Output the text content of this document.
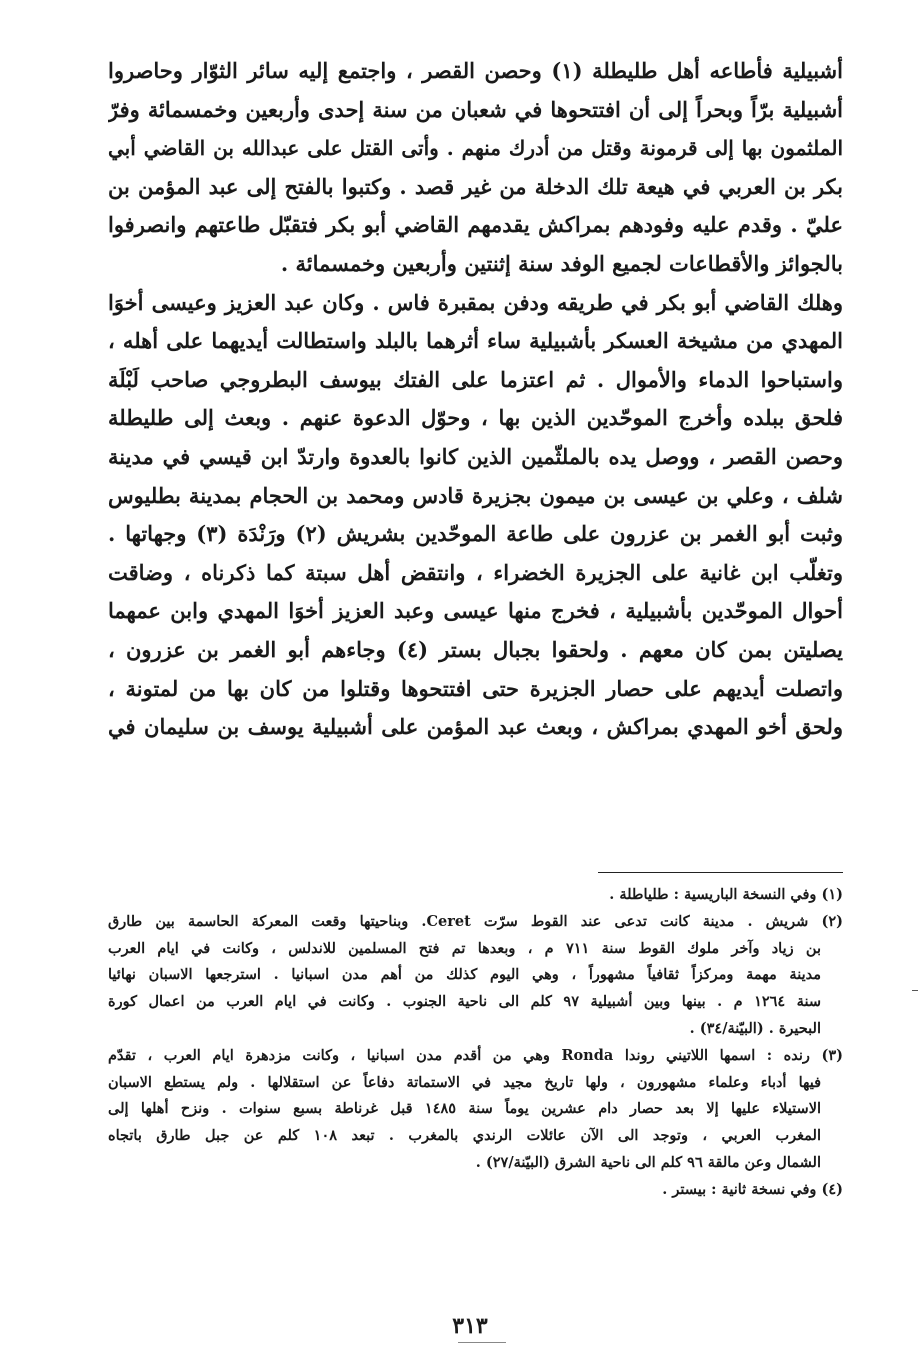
أشبيلية فأطاعه أهل طليطلة (١) وحصن القصر ، واجتمع إليه سائر الثوّار وحاصروا
أشبيلية برّاً وبحراً إلى أن افتتحوها في شعبان من سنة إحدى وأربعين وخمسمائة وفرّ
الملثمون بها إلى قرمونة وقتل من أدرك منهم . وأتى القتل على عبدالله بن القاضي أبي
بكر بن العربي في هيعة تلك الدخلة من غير قصد . وكتبوا بالفتح إلى عبد المؤمن بن
عليّ . وقدم عليه وفودهم بمراكش يقدمهم القاضي أبو بكر فتقبّل طاعتهم وانصرفوا
بالجوائز والأقطاعات لجميع الوفد سنة إثنتين وأربعين وخمسمائة .
وهلك القاضي أبو بكر في طريقه ودفن بمقبرة فاس . وكان عبد العزيز وعيسى أخوَا
المهدي من مشيخة العسكر بأشبيلية ساء أثرهما بالبلد واستطالت أيديهما على أهله ،
واستباحوا الدماء والأموال . ثم اعتزما على الفتك بيوسف البطروجي صاحب لَبْلَة
فلحق ببلده وأخرج الموحّدين الذين بها ، وحوّل الدعوة عنهم . وبعث إلى طليطلة
وحصن القصر ، ووصل يده بالملثّمين الذين كانوا بالعدوة وارتدّ ابن قيسي في مدينة
شلف ، وعلي بن عيسى بن ميمون بجزيرة قادس ومحمد بن الحجام بمدينة بطليوس
وثبت أبو الغمر بن عزرون على طاعة الموحّدين بشريش (٢) ورَنْدَة (٣) وجهاتها .
وتغلّب ابن غانية على الجزيرة الخضراء ، وانتقض أهل سبتة كما ذكرناه ، وضاقت
أحوال الموحّدين بأشبيلية ، فخرج منها عيسى وعبد العزيز أخوَا المهدي وابن عمهما
يصليتن بمن كان معهم . ولحقوا بجبال بستر (٤) وجاءهم أبو الغمر بن عزرون ،
واتصلت أيديهم على حصار الجزيرة حتى افتتحوها وقتلوا من كان بها من لمتونة ،
ولحق أخو المهدي بمراكش ، وبعث عبد المؤمن على أشبيلية يوسف بن سليمان في
(١) وفي النسخة الباريسية : طلياطلة .
(٢) شريش . مدينة كانت تدعى عند القوط سرّت Ceret. وبناحيتها وقعت المعركة الحاسمة بين طارق
بن زياد وآخر ملوك القوط سنة ٧١١ م ، وبعدها تم فتح المسلمين للاندلس ، وكانت في ايام العرب
مدينة مهمة ومركزاً ثقافياً مشهوراً ، وهي اليوم كذلك من أهم مدن اسبانيا . استرجعها الاسبان نهائيا
سنة ١٢٦٤ م . بينها وبين أشبيلية ٩٧ كلم الى ناحية الجنوب . وكانت في ايام العرب من اعمال كورة
البحيرة . (البيّنة/٣٤) .
(٣) رنده : اسمها اللاتيني روندا Ronda وهي من أقدم مدن اسبانيا ، وكانت مزدهرة ايام العرب ، تقدّم
فيها أدباء وعلماء مشهورون ، ولها تاريخ مجيد في الاستماتة دفاعاً عن استقلالها . ولم يستطع الاسبان
الاستيلاء عليها إلا بعد حصار دام عشرين يوماً سنة ١٤٨٥ قبل غرناطة بسبع سنوات . ونزح أهلها إلى
المغرب العربي ، وتوجد الى الآن عائلات الرندي بالمغرب . تبعد ١٠٨ كلم عن جبل طارق باتجاه
الشمال وعن مالقة ٩٦ كلم الى ناحية الشرق (البيّنة/٢٧) .
(٤) وفي نسخة ثانية : بيستر .
٣١٣
